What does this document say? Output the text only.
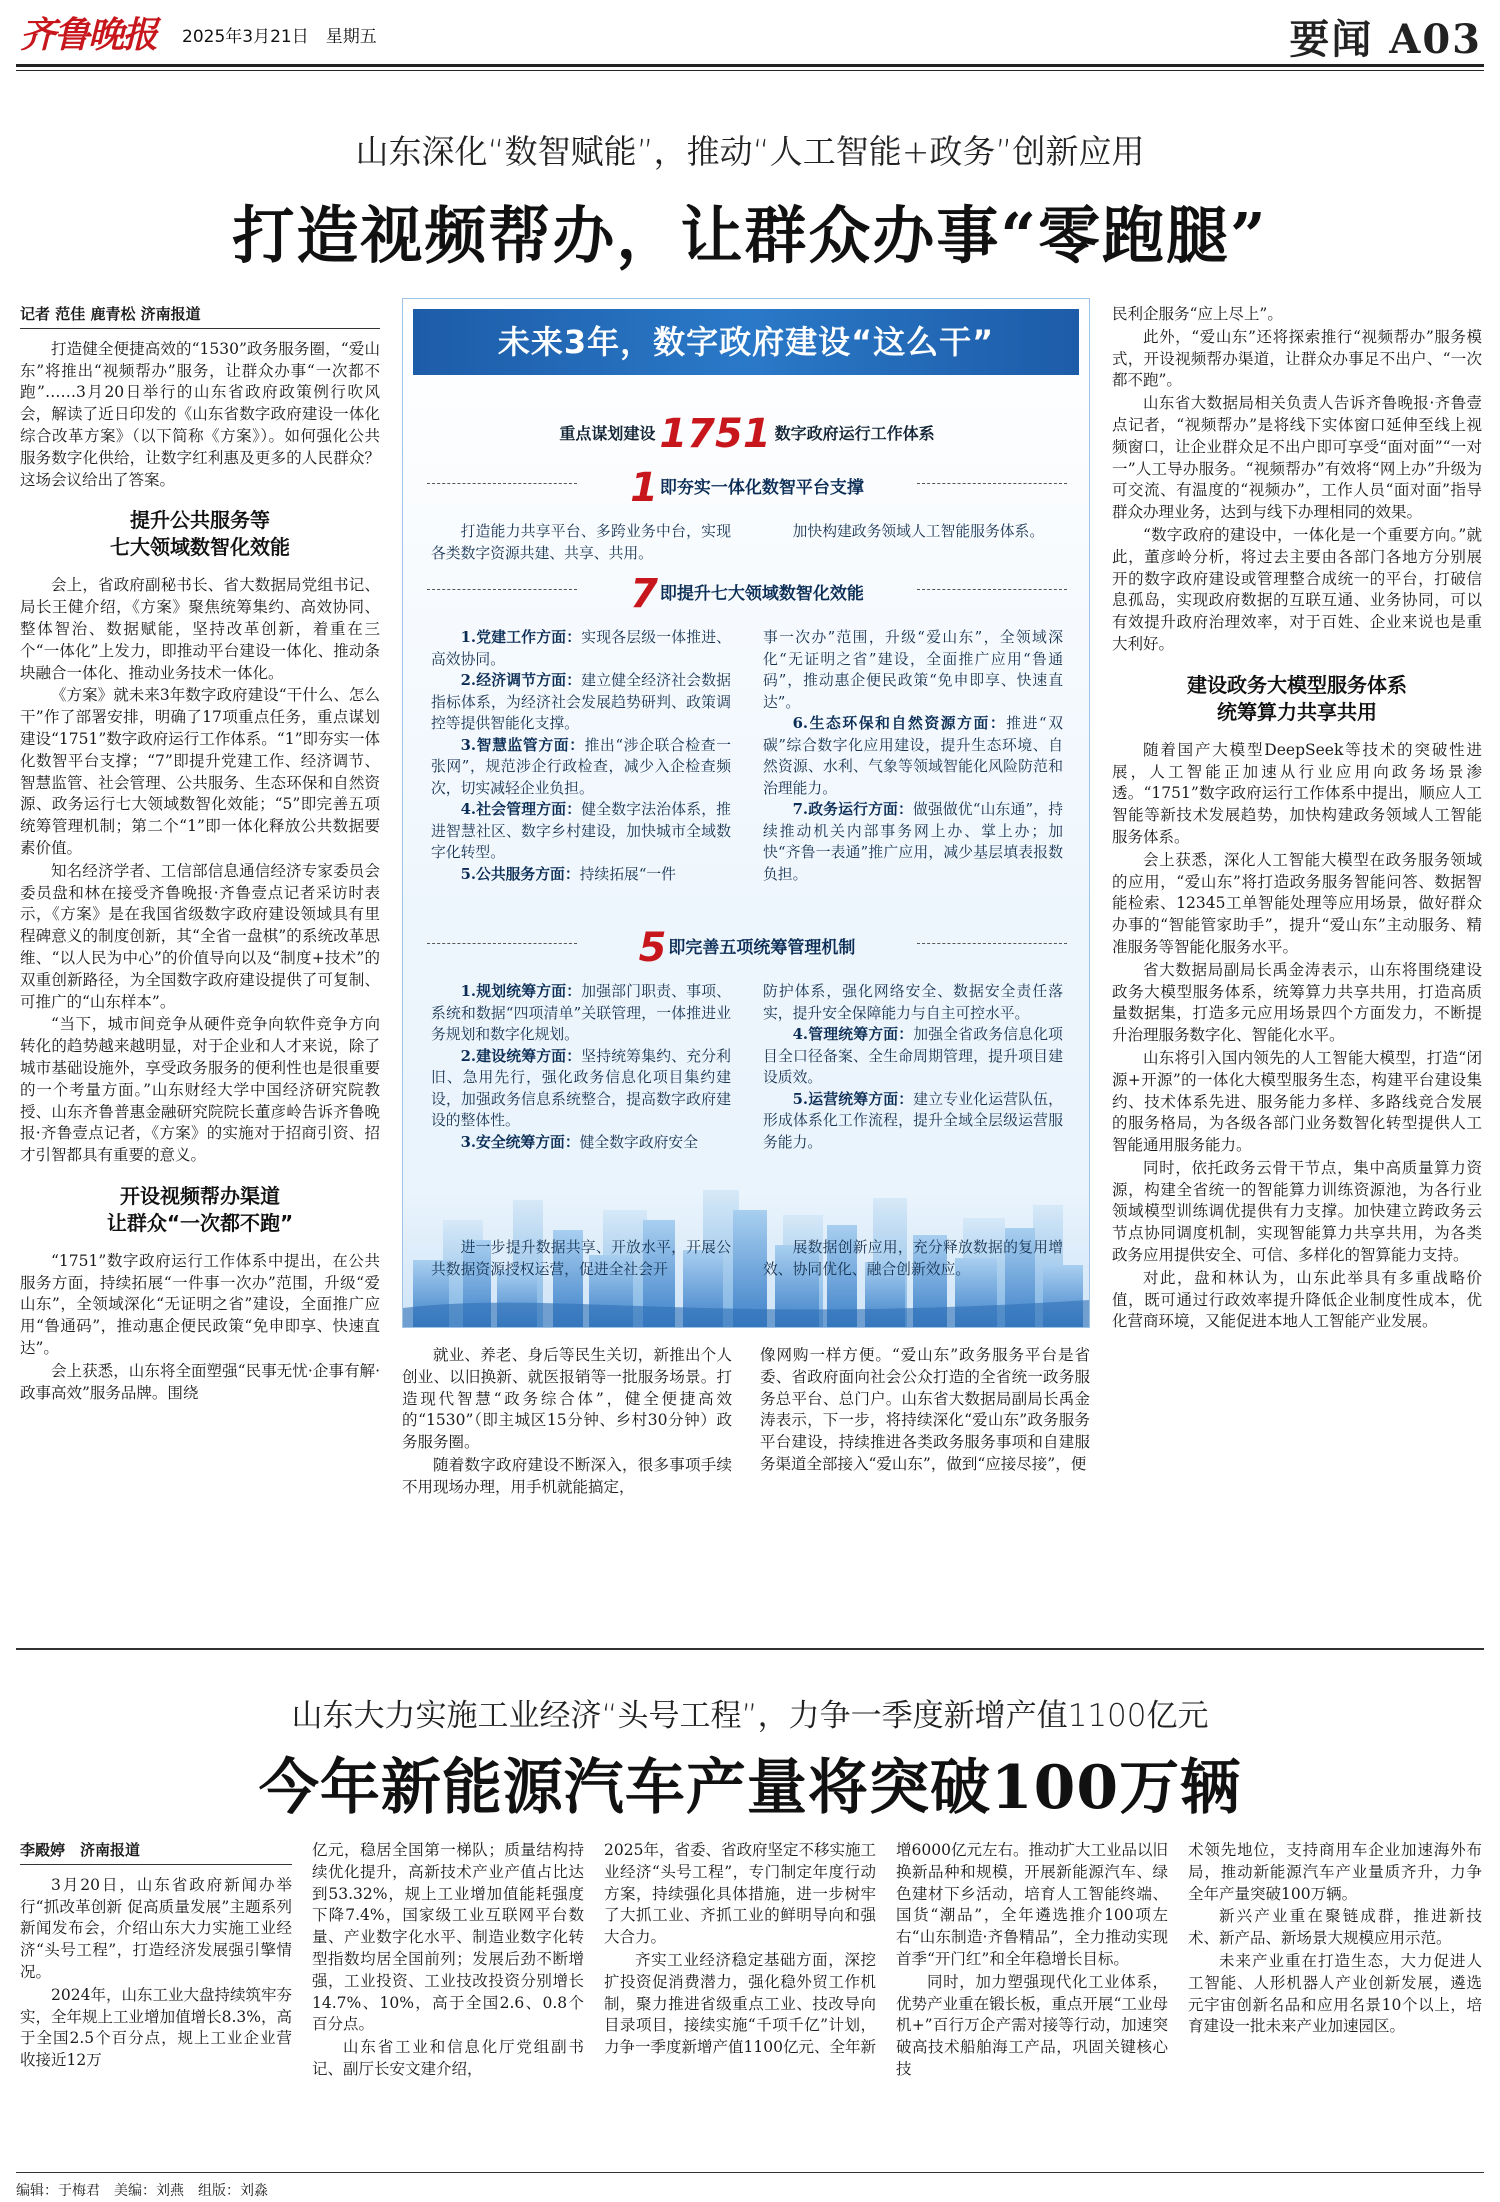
齐鲁晚报	2025年3月21日　星期五	要闻 A03
山东深化“数智赋能”，推动“人工智能+政务”创新应用
打造视频帮办，让群众办事“零跑腿”
记者 范佳 鹿青松 济南报道

打造健全便捷高效的“1530”政务服务圈，“爱山东”将推出“视频帮办”服务，让群众办事“一次都不跑”……3月20日举行的山东省政府政策例行吹风会，解读了近日印发的《山东省数字政府建设一体化综合改革方案》（以下简称《方案》）。如何强化公共服务数字化供给，让数字红利惠及更多的人民群众？这场会议给出了答案。

提升公共服务等
七大领域数智化效能

会上，省政府副秘书长、省大数据局党组书记、局长王健介绍，《方案》聚焦统筹集约、高效协同、整体智治、数据赋能，坚持改革创新，着重在三个“一体化”上发力，即推动平台建设一体化、推动条块融合一体化、推动业务技术一体化。

《方案》就未来3年数字政府建设“干什么、怎么干”作了部署安排，明确了17项重点任务，重点谋划建设“1751”数字政府运行工作体系。“1”即夯实一体化数智平台支撑；“7”即提升党建工作、经济调节、智慧监管、社会管理、公共服务、生态环保和自然资源、政务运行七大领域数智化效能；“5”即完善五项统筹管理机制；第二个“1”即一体化释放公共数据要素价值。

知名经济学者、工信部信息通信经济专家委员会委员盘和林在接受齐鲁晚报·齐鲁壹点记者采访时表示，《方案》是在我国省级数字政府建设领域具有里程碑意义的制度创新，其“全省一盘棋”的系统改革思维、“以人民为中心”的价值导向以及“制度+技术”的双重创新路径，为全国数字政府建设提供了可复制、可推广的“山东样本”。

“当下，城市间竞争从硬件竞争向软件竞争方向转化的趋势越来越明显，对于企业和人才来说，除了城市基础设施外，享受政务服务的便利性也是很重要的一个考量方面。”山东财经大学中国经济研究院教授、山东齐鲁普惠金融研究院院长董彦岭告诉齐鲁晚报·齐鲁壹点记者，《方案》的实施对于招商引资、招才引智都具有重要的意义。

开设视频帮办渠道
让群众“一次都不跑”

“1751”数字政府运行工作体系中提出，在公共服务方面，持续拓展“一件事一次办”范围，升级“爱山东”，全领域深化“无证明之省”建设，全面推广应用“鲁通码”，推动惠企便民政策“免申即享、快速直达”。

会上获悉，山东将全面塑强“民事无忧·企事有解·政事高效”服务品牌。围绕

未来3年，数字政府建设“这么干”
重点谋划建设 1751 数字政府运行工作体系
1 即夯实一体化数智平台支撑

打造能力共享平台、多跨业务中台，实现各类数字资源共建、共享、共用。

加快构建政务领域人工智能服务体系。

7 即提升七大领域数智化效能

1.党建工作方面：实现各层级一体推进、高效协同。

2.经济调节方面：建立健全经济社会数据指标体系，为经济社会发展趋势研判、政策调控等提供智能化支撑。

3.智慧监管方面：推出“涉企联合检查一张网”，规范涉企行政检查，减少入企检查频次，切实减轻企业负担。

4.社会管理方面：健全数字法治体系，推进智慧社区、数字乡村建设，加快城市全域数字化转型。

5.公共服务方面：持续拓展“一件

事一次办”范围，升级“爱山东”，全领域深化“无证明之省”建设，全面推广应用“鲁通码”，推动惠企便民政策“免申即享、快速直达”。

6.生态环保和自然资源方面：推进“双碳”综合数字化应用建设，提升生态环境、自然资源、水利、气象等领域智能化风险防范和治理能力。

7.政务运行方面：做强做优“山东通”，持续推动机关内部事务网上办、掌上办；加快“齐鲁一表通”推广应用，减少基层填表报数负担。

5 即完善五项统筹管理机制

1.规划统筹方面：加强部门职责、事项、系统和数据“四项清单”关联管理，一体推进业务规划和数字化规划。

2.建设统筹方面：坚持统筹集约、充分利旧、急用先行，强化政务信息化项目集约建设，加强政务信息系统整合，提高数字政府建设的整体性。

3.安全统筹方面：健全数字政府安全

防护体系，强化网络安全、数据安全责任落实，提升安全保障能力与自主可控水平。

4.管理统筹方面：加强全省政务信息化项目全口径备案、全生命周期管理，提升项目建设质效。

5.运营统筹方面：建立专业化运营队伍，形成体系化工作流程，提升全域全层级运营服务能力。

进一步提升数据共享、开放水平，开展公共数据资源授权运营，促进全社会开

展数据创新应用，充分释放数据的复用增效、协同优化、融合创新效应。

就业、养老、身后等民生关切，新推出个人创业、以旧换新、就医报销等一批服务场景。打造现代智慧“政务综合体”，健全便捷高效的“1530”（即主城区15分钟、乡村30分钟）政务服务圈。

随着数字政府建设不断深入，很多事项手续不用现场办理，用手机就能搞定，

像网购一样方便。“爱山东”政务服务平台是省委、省政府面向社会公众打造的全省统一政务服务总平台、总门户。山东省大数据局副局长禹金涛表示，下一步，将持续深化“爱山东”政务服务平台建设，持续推进各类政务服务事项和自建服务渠道全部接入“爱山东”，做到“应接尽接”，便

民利企服务“应上尽上”。

此外，“爱山东”还将探索推行“视频帮办”服务模式，开设视频帮办渠道，让群众办事足不出户、“一次都不跑”。

山东省大数据局相关负责人告诉齐鲁晚报·齐鲁壹点记者，“视频帮办”是将线下实体窗口延伸至线上视频窗口，让企业群众足不出户即可享受“面对面”“一对一”人工导办服务。“视频帮办”有效将“网上办”升级为可交流、有温度的“视频办”，工作人员“面对面”指导群众办理业务，达到与线下办理相同的效果。

“数字政府的建设中，一体化是一个重要方向。”就此，董彦岭分析，将过去主要由各部门各地方分别展开的数字政府建设或管理整合成统一的平台，打破信息孤岛，实现政府数据的互联互通、业务协同，可以有效提升政府治理效率，对于百姓、企业来说也是重大利好。

建设政务大模型服务体系
统筹算力共享共用

随着国产大模型DeepSeek等技术的突破性进展，人工智能正加速从行业应用向政务场景渗透。“1751”数字政府运行工作体系中提出，顺应人工智能等新技术发展趋势，加快构建政务领域人工智能服务体系。

会上获悉，深化人工智能大模型在政务服务领域的应用，“爱山东”将打造政务服务智能问答、数据智能检索、12345工单智能处理等应用场景，做好群众办事的“智能管家助手”，提升“爱山东”主动服务、精准服务等智能化服务水平。

省大数据局副局长禹金涛表示，山东将围绕建设政务大模型服务体系，统筹算力共享共用，打造高质量数据集，打造多元应用场景四个方面发力，不断提升治理服务数字化、智能化水平。

山东将引入国内领先的人工智能大模型，打造“闭源+开源”的一体化大模型服务生态，构建平台建设集约、技术体系先进、服务能力多样、多路线竞合发展的服务格局，为各级各部门业务数智化转型提供人工智能通用服务能力。

同时，依托政务云骨干节点，集中高质量算力资源，构建全省统一的智能算力训练资源池，为各行业领域模型训练调优提供有力支撑。加快建立跨政务云节点协同调度机制，实现智能算力共享共用，为各类政务应用提供安全、可信、多样化的智算能力支持。

对此，盘和林认为，山东此举具有多重战略价值，既可通过行政效率提升降低企业制度性成本，优化营商环境，又能促进本地人工智能产业发展。

山东大力实施工业经济“头号工程”，力争一季度新增产值1100亿元
今年新能源汽车产量将突破100万辆
李殿婷　济南报道

3月20日，山东省政府新闻办举行“抓改革创新 促高质量发展”主题系列新闻发布会，介绍山东大力实施工业经济“头号工程”，打造经济发展强引擎情况。

2024年，山东工业大盘持续筑牢夯实，全年规上工业增加值增长8.3%，高于全国2.5个百分点，规上工业企业营收接近12万

亿元，稳居全国第一梯队；质量结构持续优化提升，高新技术产业产值占比达到53.32%，规上工业增加值能耗强度下降7.4%，国家级工业互联网平台数量、产业数字化水平、制造业数字化转型指数均居全国前列；发展后劲不断增强，工业投资、工业技改投资分别增长14.7%、10%，高于全国2.6、0.8个百分点。

山东省工业和信息化厅党组副书记、副厅长安文建介绍，

2025年，省委、省政府坚定不移实施工业经济“头号工程”，专门制定年度行动方案，持续强化具体措施，进一步树牢了大抓工业、齐抓工业的鲜明导向和强大合力。

齐实工业经济稳定基础方面，深挖扩投资促消费潜力，强化稳外贸工作机制，聚力推进省级重点工业、技改导向目录项目，接续实施“千项千亿”计划，力争一季度新增产值1100亿元、全年新

增6000亿元左右。推动扩大工业品以旧换新品种和规模，开展新能源汽车、绿色建材下乡活动，培育人工智能终端、国货“潮品”，全年遴选推介100项左右“山东制造·齐鲁精品”，全力推动实现首季“开门红”和全年稳增长目标。

同时，加力塑强现代化工业体系，优势产业重在锻长板，重点开展“工业母机+”百行万企产需对接等行动，加速突破高技术船舶海工产品，巩固关键核心技

术领先地位，支持商用车企业加速海外布局，推动新能源汽车产业量质齐升，力争全年产量突破100万辆。

新兴产业重在聚链成群，推进新技术、新产品、新场景大规模应用示范。

未来产业重在打造生态，大力促进人工智能、人形机器人产业创新发展，遴选元宇宙创新名品和应用名景10个以上，培育建设一批未来产业加速园区。

编辑：于梅君　美编：刘燕　组版：刘淼
